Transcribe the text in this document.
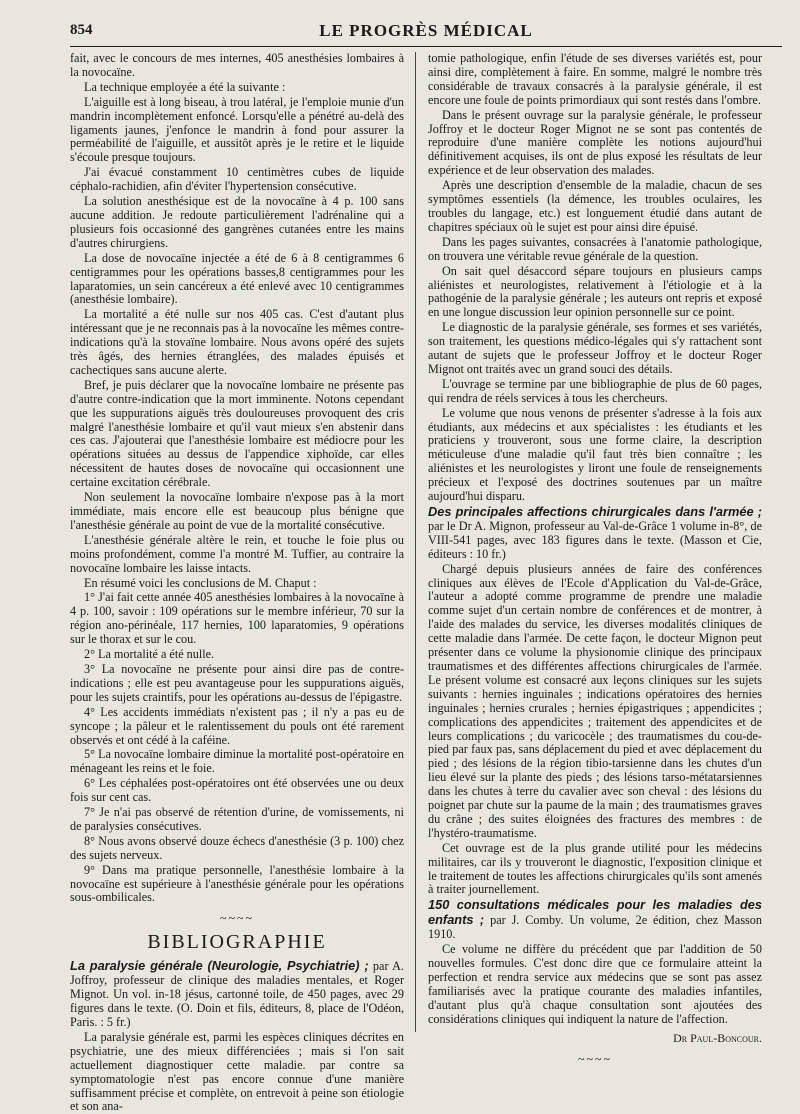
854	LE PROGRÈS MÉDICAL

fait, avec le concours de mes internes, 405 anesthésies lombaires à la novocaïne.

La technique employée a été la suivante :

L'aiguille est à long biseau, à trou latéral, je l'emploie munie d'un mandrin incomplètement enfoncé. Lorsqu'elle a pénétré au-delà des ligaments jaunes, j'enfonce le mandrin à fond pour assurer la perméabilité de l'aiguille, et aussitôt après je le retire et le liquide s'écoule presque toujours.

J'ai évacué constamment 10 centimètres cubes de liquide céphalo-rachidien, afin d'éviter l'hypertension consécutive.

La solution anesthésique est de la novocaïne à 4 p. 100 sans aucune addition. Je redoute particulièrement l'adrénaline qui a plusieurs fois occasionné des gangrènes cutanées entre les mains d'autres chirurgiens.

La dose de novocaïne injectée a été de 6 à 8 centigrammes 6 centigrammes pour les opérations basses,8 centigrammes pour les laparatomies, un sein cancéreux a été enlevé avec 10 centigrammes (anesthésie lombaire).

La mortalité a été nulle sur nos 405 cas. C'est d'autant plus intéressant que je ne reconnais pas à la novocaïne les mêmes contre-indications qu'à la stovaïne lombaire. Nous avons opéré des sujets très âgés, des hernies étranglées, des malades épuisés et cachectiques sans aucune alerte.

Bref, je puis déclarer que la novocaïne lombaire ne présente pas d'autre contre-indication que la mort imminente. Notons cependant que les suppurations aiguës très douloureuses provoquent des cris malgré l'anesthésie lombaire et qu'il vaut mieux s'en abstenir dans ces cas. J'ajouterai que l'anesthésie lombaire est médiocre pour les opérations situées au dessus de l'appendice xiphoïde, car elles nécessitent de hautes doses de novocaïne qui occasionnent une certaine excitation cérébrale.

Non seulement la novocaïne lombaire n'expose pas à la mort immédiate, mais encore elle est beaucoup plus bénigne que l'anesthésie générale au point de vue de la mortalité consécutive.

L'anesthésie générale altère le rein, et touche le foie plus ou moins profondément, comme l'a montré M. Tuffier, au contraire la novocaïne lombaire les laisse intacts.

En résumé voici les conclusions de M. Chaput :

1° J'ai fait cette année 405 anesthésies lombaires à la novocaïne à 4 p. 100, savoir : 109 opérations sur le membre inférieur, 70 sur la région ano-périnéale, 117 hernies, 100 laparatomies, 9 opérations sur le thorax et sur le cou.

2° La mortalité a été nulle.

3° La novocaïne ne présente pour ainsi dire pas de contre-indications ; elle est peu avantageuse pour les suppurations aiguës, pour les sujets craintifs, pour les opérations au-dessus de l'épigastre.

4° Les accidents immédiats n'existent pas ; il n'y a pas eu de syncope ; la pâleur et le ralentissement du pouls ont été rarement observés et ont cédé à la caféine.

5° La novocaïne lombaire diminue la mortalité post-opératoire en ménageant les reins et le foie.

6° Les céphalées post-opératoires ont été observées une ou deux fois sur cent cas.

7° Je n'ai pas observé de rétention d'urine, de vomissements, ni de paralysies consécutives.

8° Nous avons observé douze échecs d'anesthésie (3 p. 100) chez des sujets nerveux.

9° Dans ma pratique personnelle, l'anesthésie lombaire à la novocaïne est supérieure à l'anesthésie générale pour les opérations sous-ombilicales.

~~~~
BIBLIOGRAPHIE

La paralysie générale (Neurologie, Psychiatrie) ; par A. Joffroy, professeur de clinique des maladies mentales, et Roger Mignot. Un vol. in-18 jésus, cartonné toile, de 450 pages, avec 29 figures dans le texte. (O. Doin et fils, éditeurs, 8, place de l'Odéon, Paris. : 5 fr.)

La paralysie générale est, parmi les espèces cliniques décrites en psychiatrie, une des mieux différenciées ; mais si l'on sait actuellement diagnostiquer cette maladie. par contre sa symptomatologie n'est pas encore connue d'une manière suffisamment précise et complète, on entrevoit à peine son étiologie et son ana-

tomie pathologique, enfin l'étude de ses diverses variétés est, pour ainsi dire, complètement à faire. En somme, malgré le nombre très considérable de travaux consacrés à la paralysie générale, il est encore une foule de points primordiaux qui sont restés dans l'ombre.

Dans le présent ouvrage sur la paralysie générale, le professeur Joffroy et le docteur Roger Mignot ne se sont pas contentés de reproduire d'une manière complète les notions aujourd'hui définitivement acquises, ils ont de plus exposé les résultats de leur expérience et de leur observation des malades.

Après une description d'ensemble de la maladie, chacun de ses symptômes essentiels (la démence, les troubles oculaires, les troubles du langage, etc.) est longuement étudié dans autant de chapitres spéciaux où le sujet est pour ainsi dire épuisé.

Dans les pages suivantes, consacrées à l'anatomie pathologique, on trouvera une véritable revue générale de la question.

On sait quel désaccord sépare toujours en plusieurs camps aliénistes et neurologistes, relativement à l'étiologie et à la pathogénie de la paralysie générale ; les auteurs ont repris et exposé en une longue discussion leur opinion personnelle sur ce point.

Le diagnostic de la paralysie générale, ses formes et ses variétés, son traitement, les questions médico-légales qui s'y rattachent sont autant de sujets que le professeur Joffroy et le docteur Roger Mignot ont traités avec un grand souci des détails.

L'ouvrage se termine par une bibliographie de plus de 60 pages, qui rendra de réels services à tous les chercheurs.

Le volume que nous venons de présenter s'adresse à la fois aux étudiants, aux médecins et aux spécialistes : les étudiants et les praticiens y trouveront, sous une forme claire, la description méticuleuse d'une maladie qu'il faut très bien connaître ; les aliénistes et les neurologistes y liront une foule de renseignements précieux et l'exposé des doctrines soutenues par un maître aujourd'hui disparu.

Des principales affections chirurgicales dans l'armée ; par le Dr A. Mignon, professeur au Val-de-Grâce 1 volume in-8°, de VIII-541 pages, avec 183 figures dans le texte. (Masson et Cie, éditeurs : 10 fr.)

Chargé depuis plusieurs années de faire des conférences cliniques aux élèves de l'Ecole d'Application du Val-de-Grâce, l'auteur a adopté comme programme de prendre une maladie comme sujet d'un certain nombre de conférences et de montrer, à l'aide des malades du service, les diverses modalités cliniques de cette maladie dans l'armée. De cette façon, le docteur Mignon peut présenter dans ce volume la physionomie clinique des principaux traumatismes et des différentes affections chirurgicales de l'armée. Le présent volume est consacré aux leçons cliniques sur les sujets suivants : hernies inguinales ; indications opératoires des hernies inguinales ; hernies crurales ; hernies épigastriques ; appendicites ; complications des appendicites ; traitement des appendicites et de leurs complications ; du varicocèle ; des traumatismes du cou-de-pied par faux pas, sans déplacement du pied et avec déplacement du pied ; des lésions de la région tibio-tarsienne dans les chutes d'un lieu élevé sur la plante des pieds ; des lésions tarso-métatarsiennes dans les chutes à terre du cavalier avec son cheval : des lésions du poignet par chute sur la paume de la main ; des traumatismes graves du crâne ; des suites éloignées des fractures des membres : de l'hystéro-traumatisme.

Cet ouvrage est de la plus grande utilité pour les médecins militaires, car ils y trouveront le diagnostic, l'exposition clinique et le traitement de toutes les affections chirurgicales qu'ils sont amenés à traiter journellement.

150 consultations médicales pour les maladies des enfants ; par J. Comby. Un volume, 2e édition, chez Masson 1910.

Ce volume ne diffère du précédent que par l'addition de 50 nouvelles formules. C'est donc dire que ce formulaire atteint la perfection et rendra service aux médecins que se sont pas assez familiarisés avec la pratique courante des maladies infantiles, d'autant plus qu'à chaque consultation sont ajoutées des considérations cliniques qui indiquent la nature de l'affection.

Dr Paul-Boncour.
~~~~
